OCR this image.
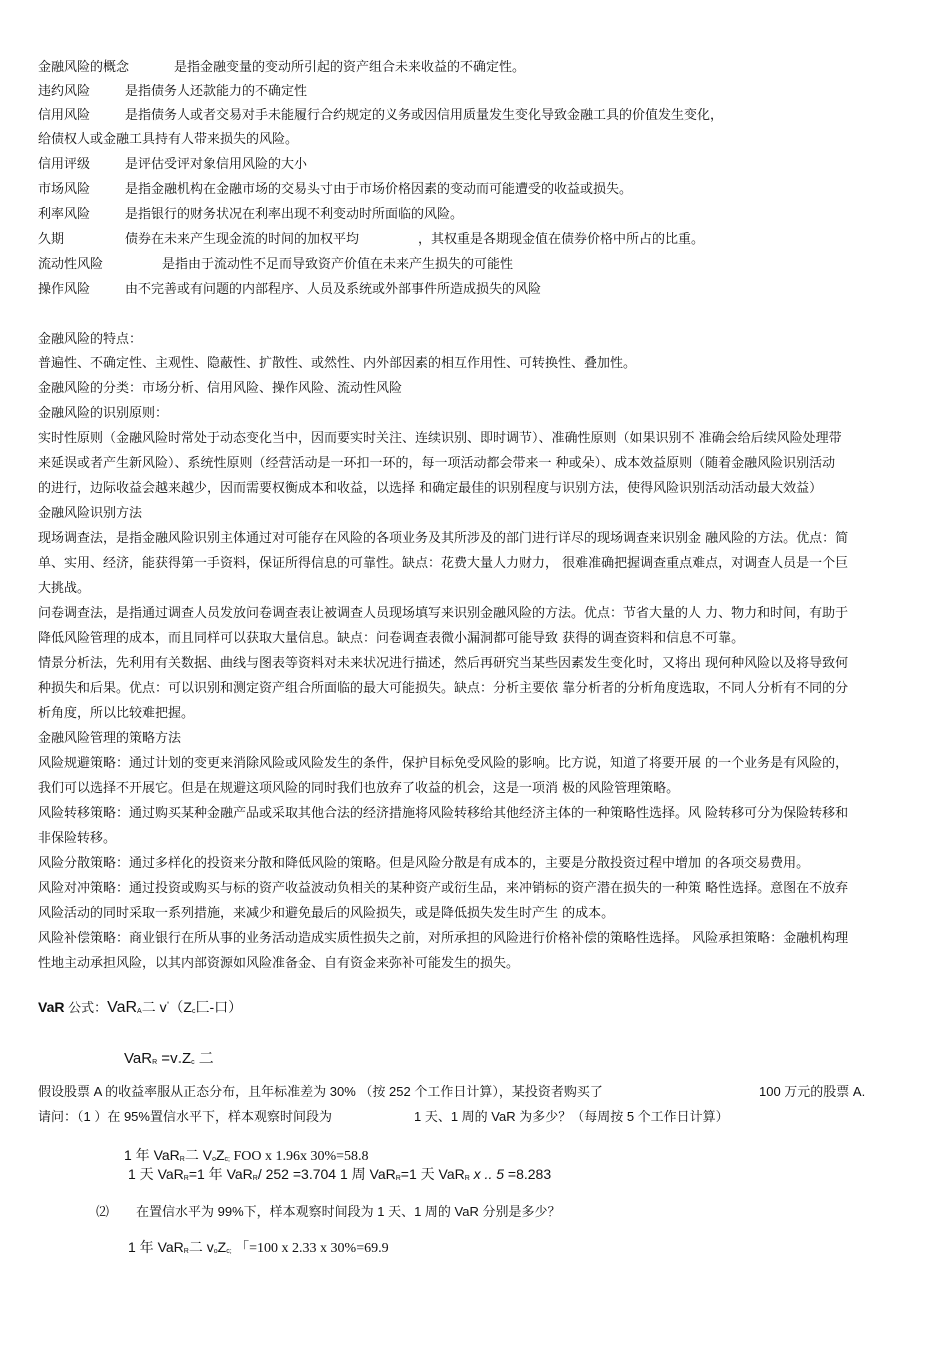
金融风险的概念	是指金融变量的变动所引起的资产组合未来收益的不确定性。
违约风险	是指债务人还款能力的不确定性
信用风险	是指债务人或者交易对手未能履行合约规定的义务或因信用质量发生变化导致金融工具的价值发生变化，
给债权人或金融工具持有人带来损失的风险。
信用评级	是评估受评对象信用风险的大小
市场风险	是指金融机构在金融市场的交易头寸由于市场价格因素的变动而可能遭受的收益或损失。
利率风险	是指银行的财务状况在利率出现不利变动时所面临的风险。
久期	债券在未来产生现金流的时间的加权平均	，其权重是各期现金值在债券价格中所占的比重。
流动性风险	是指由于流动性不足而导致资产价值在未来产生损失的可能性
操作风险	由不完善或有问题的内部程序、人员及系统或外部事件所造成损失的风险
金融风险的特点：
普遍性、不确定性、主观性、隐蔽性、扩散性、或然性、内外部因素的相互作用性、可转换性、叠加性。
金融风险的分类：市场分析、信用风险、操作风险、流动性风险
金融风险的识别原则：
实时性原则（金融风险时常处于动态变化当中，因而要实时关注、连续识别、即时调节）、准确性原则（如果识别不 准确会给后续风险处理带
来延误或者产生新风险）、系统性原则（经营活动是一环扣一环的，每一项活动都会带来一 种或朵）、成本效益原则（随着金融风险识别活动
的进行，边际收益会越来越少，因而需要权衡成本和收益，以选择 和确定最佳的识别程度与识别方法，使得风险识别活动活动最大效益）
金融风险识别方法
现场调查法，是指金融风险识别主体通过对可能存在风险的各项业务及其所涉及的部门进行详尽的现场调查来识别金 融风险的方法。优点：简
单、实用、经济，能获得第一手资料，保证所得信息的可靠性。缺点：花费大量人力财力， 很难准确把握调查重点难点，对调查人员是一个巨
大挑战。
问卷调查法，是指通过调查人员发放问卷调查表让被调查人员现场填写来识别金融风险的方法。优点：节省大量的人 力、物力和时间，有助于
降低风险管理的成本，而且同样可以获取大量信息。缺点：问卷调查表微小漏洞都可能导致 获得的调查资料和信息不可靠。
情景分析法，先利用有关数据、曲线与图表等资料对未来状况进行描述，然后再研究当某些因素发生变化时，又将出 现何种风险以及将导致何
种损失和后果。优点：可以识别和测定资产组合所面临的最大可能损失。缺点：分析主要依 靠分析者的分析角度选取，不同人分析有不同的分
析角度，所以比较难把握。
金融风险管理的策略方法
风险规避策略：通过计划的变更来消除风险或风险发生的条件，保护目标免受风险的影响。比方说，知道了将要开展 的一个业务是有风险的，
我们可以选择不开展它。但是在规避这项风险的同时我们也放弃了收益的机会，这是一项消 极的风险管理策略。
风险转移策略：通过购买某种金融产品或采取其他合法的经济措施将风险转移给其他经济主体的一种策略性选择。风 险转移可分为保险转移和
非保险转移。
风险分散策略：通过多样化的投资来分散和降低风险的策略。但是风险分散是有成本的，主要是分散投资过程中增加 的各项交易费用。
风险对冲策略：通过投资或购买与标的资产收益波动负相关的某种资产或衍生品，来冲销标的资产潜在损失的一种策 略性选择。意图在不放弃
风险活动的同时采取一系列措施，来减少和避免最后的风险损失，或是降低损失发生时产生 的成本。
风险补偿策略：商业银行在所从事的业务活动造成实质性损失之前，对所承担的风险进行价格补偿的策略性选择。 风险承担策略：金融机构理
性地主动承担风险，以其内部资源如风险准备金、自有资金来弥补可能发生的损失。
VaR 公式：VaR$_A$二 $v^\circ(Z_c$匚-口）
$VaR_R =v_\circ Z_c$ 二
假设股票 A 的收益率服从正态分布，且年标准差为 30% （按 252 个工作日计算），某投资者购买了	100 万元的股票 A.
请问：（1 ）在 95%置信水平下，样本观察时间段为	1 天、1 周的 VaR 为多少？（每周按 5 个工作日计算）
1 年 VaR$_R$二 $V_oZ_{c;}$ FOO x 1.96x 30%=58.8
1 天 VaR$_R$=1 年 VaR$_R$/ 252 =3.704 1 周 VaR$_R$=1 天 VaR$_R$ x .. 5 =8.283
⑵ 在置信水平为 99%下，样本观察时间段为 1 天、1 周的 VaR 分别是多少？
1 年 VaR$_R$二 $v_oZ_{c;}$ 「=100 x 2.33 x 30%=69.9
